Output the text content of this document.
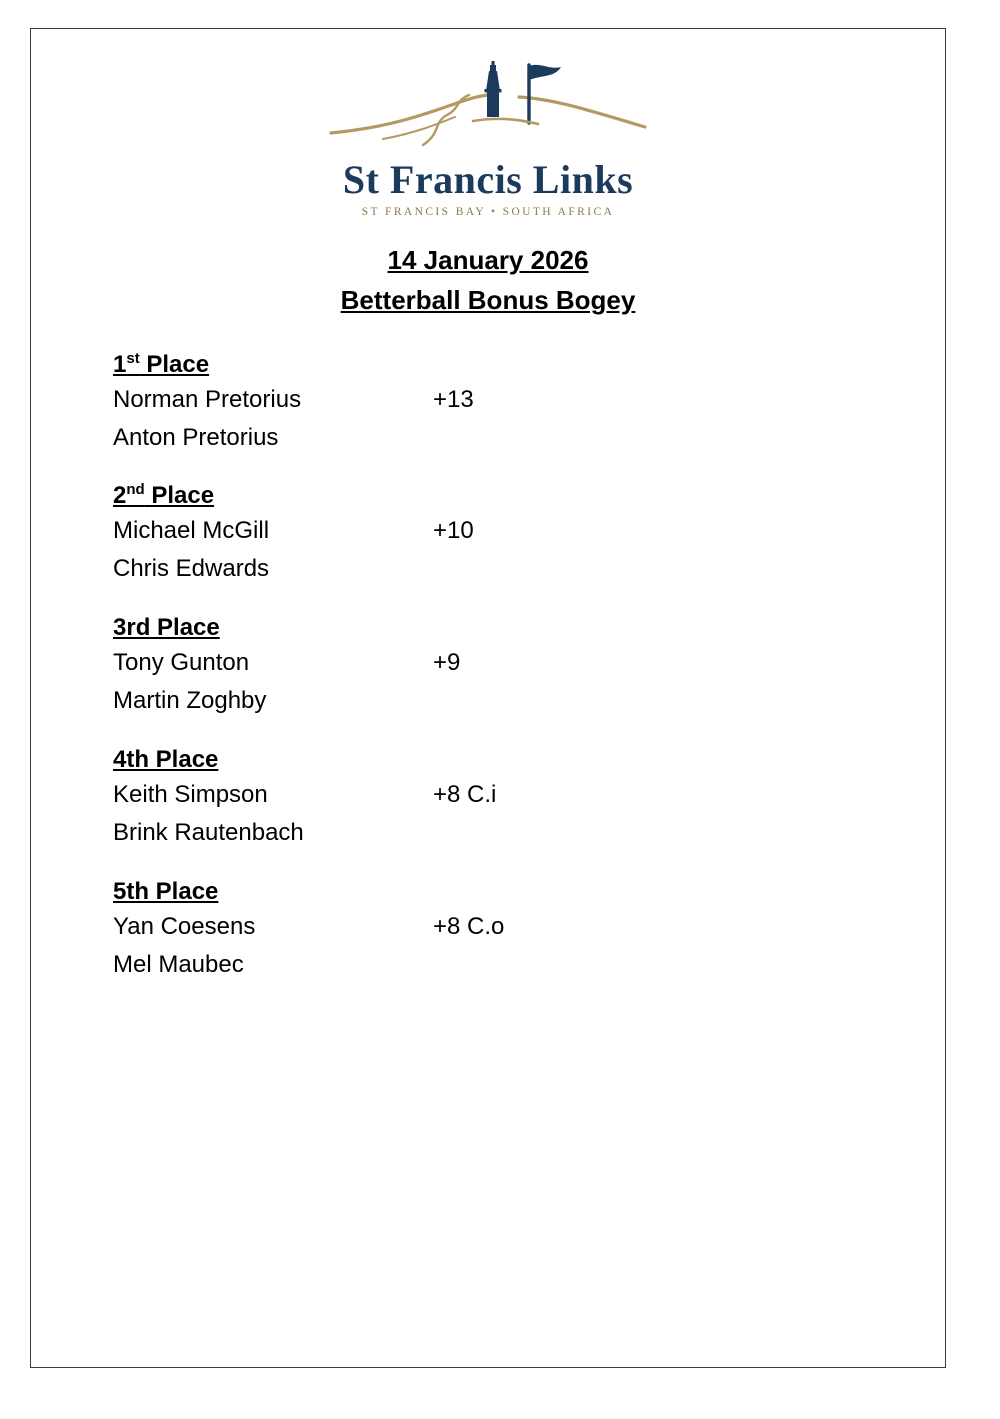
St Francis Links
ST FRANCIS BAY • SOUTH AFRICA
14 January 2026
Betterball Bonus Bogey
1st Place
Norman Pretorius	+13
Anton Pretorius
2nd Place
Michael McGill	+10
Chris Edwards
3rd Place
Tony Gunton	+9
Martin Zoghby
4th Place
Keith Simpson	+8 C.i
Brink Rautenbach
5th Place
Yan Coesens	+8 C.o
Mel Maubec
